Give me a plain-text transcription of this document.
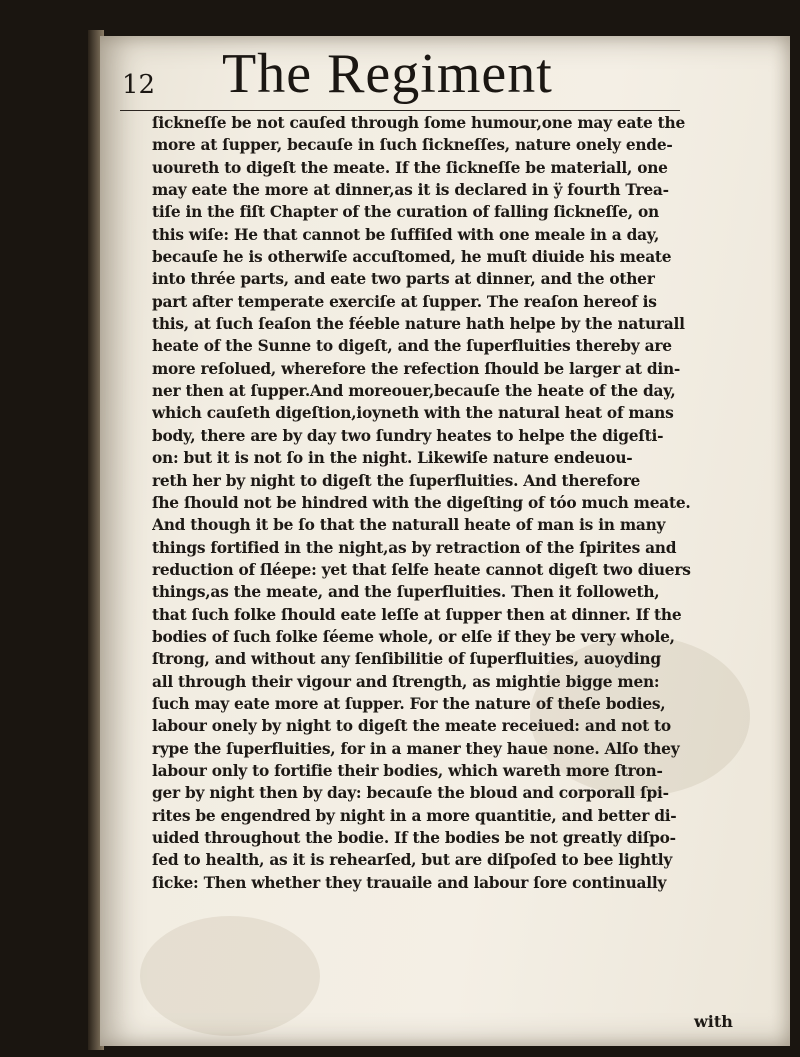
12 The Regiment
ſickneſſe be not cauſed through ſome humour,one may eate the
more at ſupper, becauſe in ſuch ſickneſſes, nature onely ende-
uoureth to digeſt the meate. If the ſickneſſe be materiall, one
may eate the more at dinner,as it is declared in ÿ fourth Trea-
tiſe in the fiſt Chapter of the curation of falling ſickneſſe, on
this wiſe: He that cannot be ſuffiſed with one meale in a day,
becauſe he is otherwiſe accuſtomed, he muſt diuide his meate
into thrée parts, and eate two parts at dinner, and the other
part after temperate exerciſe at ſupper. The reaſon hereof is
this, at ſuch ſeaſon the féeble nature hath helpe by the naturall
heate of the Sunne to digeſt, and the ſuperfluities thereby are
more reſolued, wherefore the refection ſhould be larger at din-
ner then at ſupper.And moreouer,becauſe the heate of the day,
which cauſeth digeſtion,ioyneth with the natural heat of mans
body, there are by day two ſundry heates to helpe the digeſti-
on: but it is not ſo in the night. Likewiſe nature endeuou-
reth her by night to digeſt the ſuperfluities. And therefore
ſhe ſhould not be hindred with the digeſting of tóo much meate.
And though it be ſo that the naturall heate of man is in many
things fortified in the night,as by retraction of the ſpirites and
reduction of ſléepe: yet that ſelfe heate cannot digeſt two diuers
things,as the meate, and the ſuperfluities. Then it followeth,
that ſuch folke ſhould eate leſſe at ſupper then at dinner. If the
bodies of ſuch folke ſéeme whole, or elſe if they be very whole,
ſtrong, and without any ſenſibilitie of ſuperfluities, auoyding
all through their vigour and ſtrength, as mightie bigge men:
ſuch may eate more at ſupper. For the nature of theſe bodies,
labour onely by night to digeſt the meate receiued: and not to
rype the ſuperfluities, for in a maner they haue none. Alſo they
labour only to fortifie their bodies, which wareth more ſtron-
ger by night then by day: becauſe the bloud and corporall ſpi-
rites be engendred by night in a more quantitie, and better di-
uided throughout the bodie. If the bodies be not greatly diſpo-
ſed to health, as it is rehearſed, but are diſpoſed to bee lightly
ſicke: Then whether they trauaile and labour ſore continually
with
